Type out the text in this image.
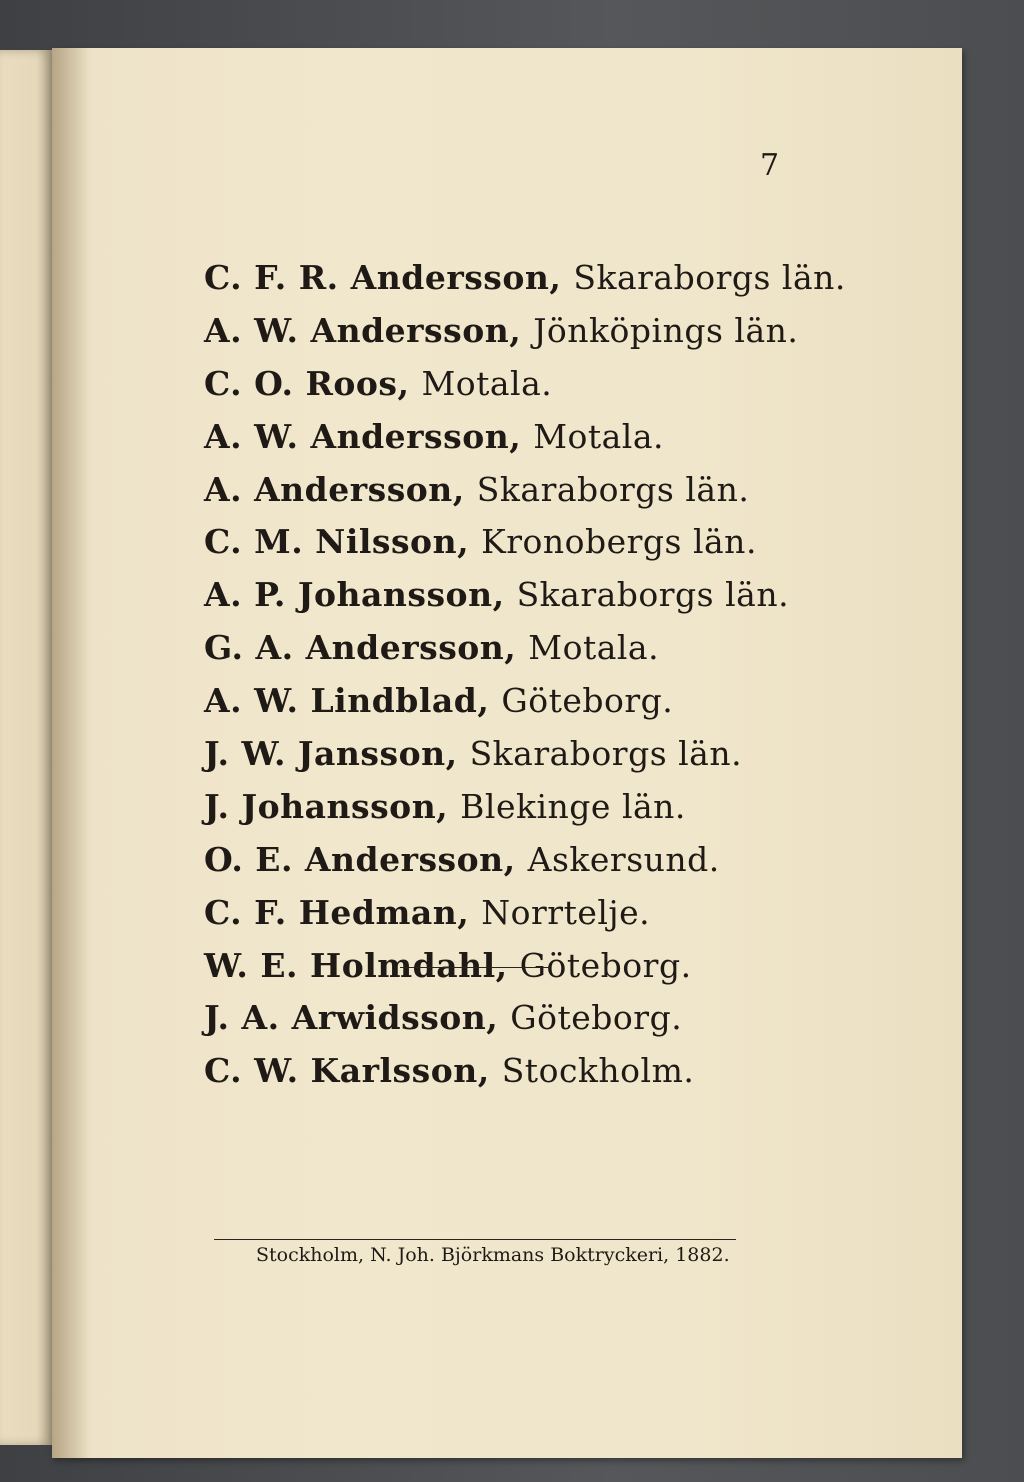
7
C. F. R. Andersson, Skaraborgs län.
A. W. Andersson, Jönköpings län.
C. O. Roos, Motala.
A. W. Andersson, Motala.
A. Andersson, Skaraborgs län.
C. M. Nilsson, Kronobergs län.
A. P. Johansson, Skaraborgs län.
G. A. Andersson, Motala.
A. W. Lindblad, Göteborg.
J. W. Jansson, Skaraborgs län.
J. Johansson, Blekinge län.
O. E. Andersson, Askersund.
C. F. Hedman, Norrtelje.
W. E. Holmdahl, Göteborg.
J. A. Arwidsson, Göteborg.
C. W. Karlsson, Stockholm.
Stockholm, N. Joh. Björkmans Boktryckeri, 1882.
